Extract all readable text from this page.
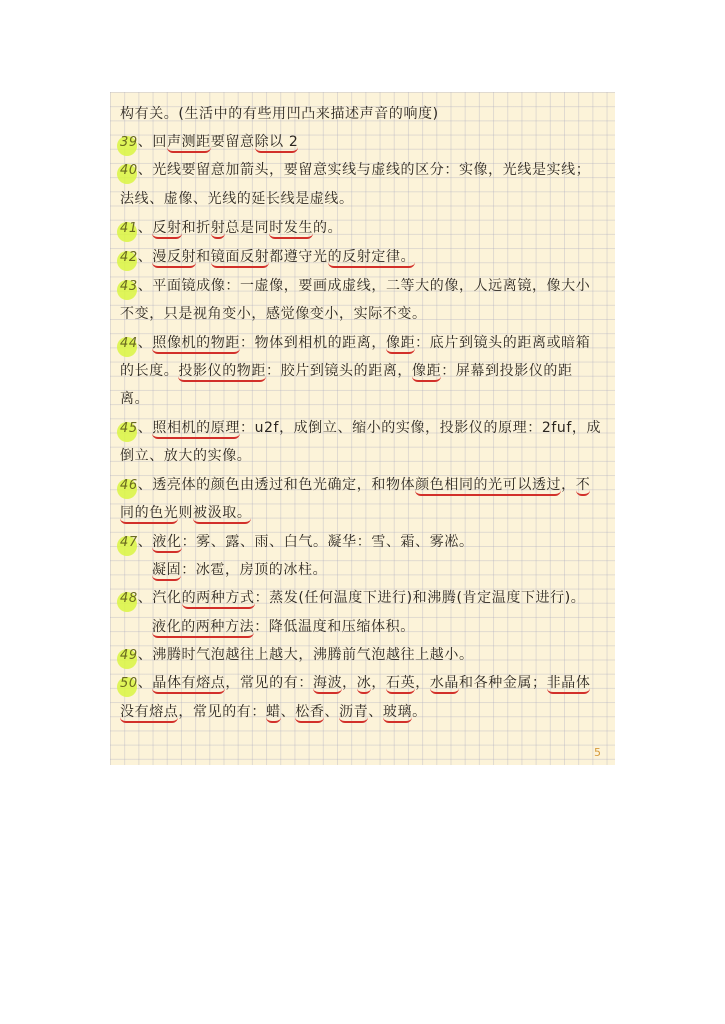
构有关。(生活中的有些用凹凸来描述声音的响度)
39、回声测距要留意除以 2
40、光线要留意加箭头，要留意实线与虚线的区分：实像，光线是实线；
法线、虚像、光线的延长线是虚线。
41、反射和折射总是同时发生的。
42、漫反射和镜面反射都遵守光的反射定律。
43、平面镜成像：一虚像，要画成虚线，二等大的像，人远离镜，像大小
不变，只是视角变小，感觉像变小，实际不变。
44、照像机的物距：物体到相机的距离，像距：底片到镜头的距离或暗箱
的长度。投影仪的物距：胶片到镜头的距离，像距：屏幕到投影仪的距
离。
45、照相机的原理：u2f，成倒立、缩小的实像，投影仪的原理：2fuf，成
倒立、放大的实像。
46、透亮体的颜色由透过和色光确定，和物体颜色相同的光可以透过，不
同的色光则被汲取。
47、液化：雾、露、雨、白气。凝华：雪、霜、雾凇。
凝固：冰雹，房顶的冰柱。
48、汽化的两种方式：蒸发(任何温度下进行)和沸腾(肯定温度下进行)。
液化的两种方法：降低温度和压缩体积。
49、沸腾时气泡越往上越大，沸腾前气泡越往上越小。
50、晶体有熔点，常见的有：海波，冰，石英，水晶和各种金属；非晶体
没有熔点，常见的有：蜡、松香、沥青、玻璃。
5
